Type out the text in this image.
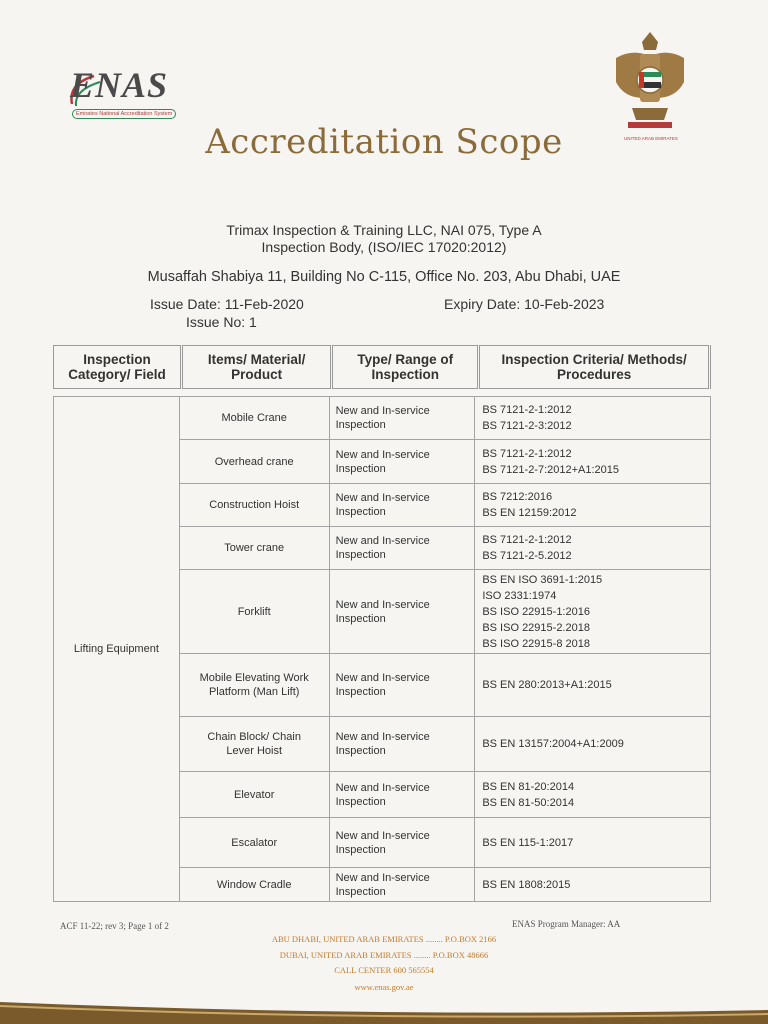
ENAS
Emirates National Accreditation System
UNITED ARAB EMIRATES
Accreditation Scope
Trimax Inspection & Training LLC, NAI 075, Type A
Inspection Body, (ISO/IEC 17020:2012)
Musaffah Shabiya 11, Building No C-115, Office No. 203, Abu Dhabi, UAE
Issue Date: 11-Feb-2020	Expiry Date: 10-Feb-2023
Issue No: 1
Inspection Category/ Field	Items/ Material/ Product	Type/ Range of Inspection	Inspection Criteria/ Methods/ Procedures
Lifting Equipment	Mobile Crane	New and In-service Inspection	BS 7121-2-1:2012
BS 7121-2-3:2012

	Overhead crane	New and In-service Inspection	BS 7121-2-1:2012
BS 7121-2-7:2012+A1:2015

	Construction Hoist	New and In-service Inspection	BS 7212:2016
BS EN 12159:2012

	Tower crane	New and In-service Inspection	BS 7121-2-1:2012
BS 7121-2-5.2012

	Forklift	New and In-service Inspection	BS EN ISO 3691-1:2015
ISO 2331:1974
BS ISO 22915-1:2016
BS ISO 22915-2.2018
BS ISO 22915-8 2018

	Mobile Elevating Work Platform (Man Lift)	New and In-service Inspection	BS EN 280:2013+A1:2015

	Chain Block/ Chain Lever Hoist	New and In-service Inspection	BS EN 13157:2004+A1:2009

	Elevator	New and In-service Inspection	BS EN 81-20:2014
BS EN 81-50:2014

	Escalator	New and In-service Inspection	BS EN 115-1:2017

	Window Cradle	New and In-service Inspection	BS EN 1808:2015
ACF 11-22; rev 3; Page 1 of 2	ENAS Program Manager: AA
ABU DHABI, UNITED ARAB EMIRATES ........ P.O.BOX 2166
DUBAI, UNITED ARAB EMIRATES ........ P.O.BOX 48666
CALL CENTER 600 565554
www.enas.gov.ae
